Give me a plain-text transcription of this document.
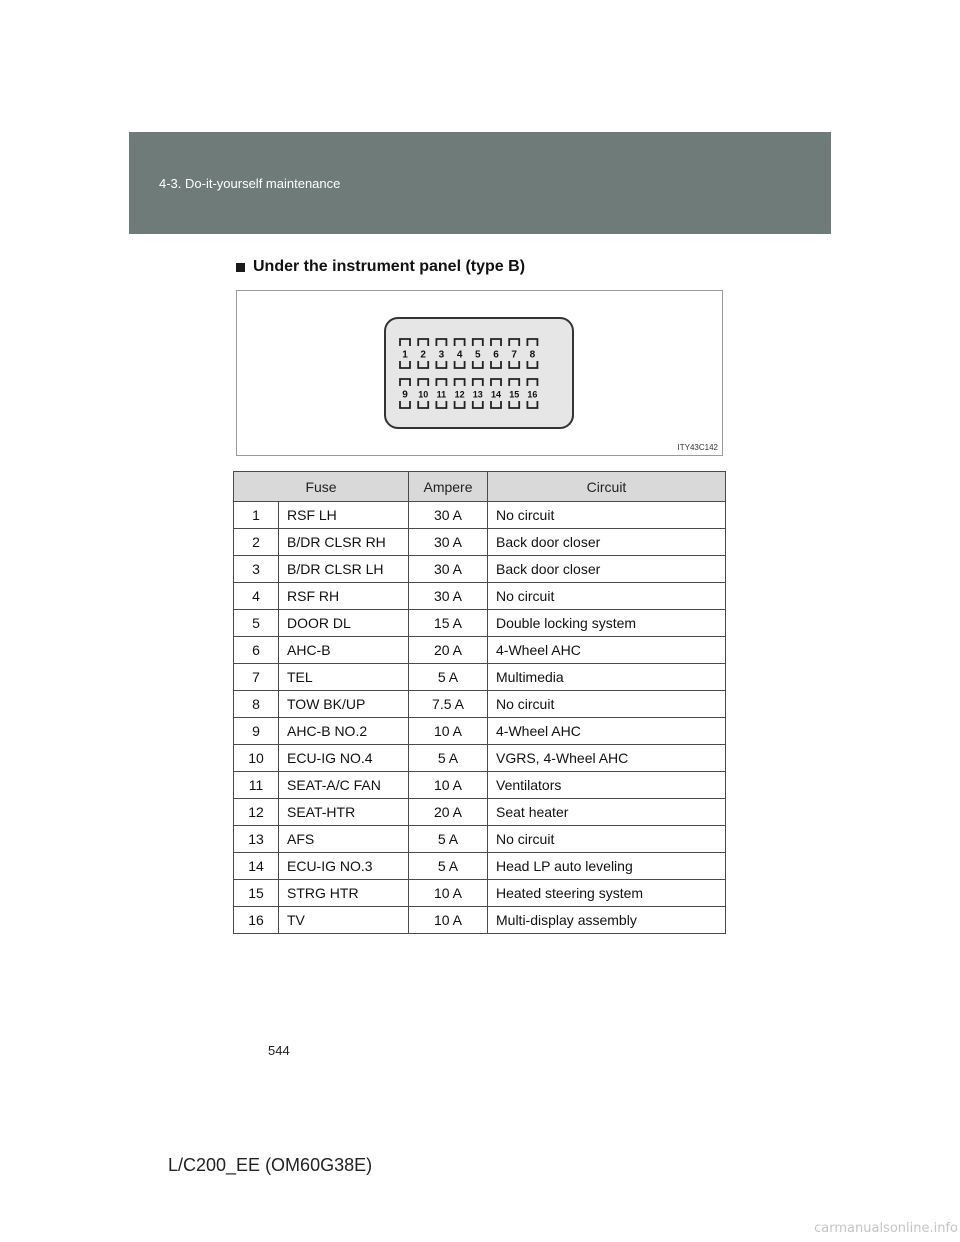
4-3. Do-it-yourself maintenance
Under the instrument panel (type B)
1 2 3 4 5 6 7 8
9 10 11 12 13 14 15 16
ITY43C142
Fuse		Ampere	Circuit
1	RSF LH	30 A	No circuit
2	B/DR CLSR RH	30 A	Back door closer
3	B/DR CLSR LH	30 A	Back door closer
4	RSF RH	30 A	No circuit
5	DOOR DL	15 A	Double locking system
6	AHC-B	20 A	4-Wheel AHC
7	TEL	5 A	Multimedia
8	TOW BK/UP	7.5 A	No circuit
9	AHC-B NO.2	10 A	4-Wheel AHC
10	ECU-IG NO.4	5 A	VGRS, 4-Wheel AHC
11	SEAT-A/C FAN	10 A	Ventilators
12	SEAT-HTR	20 A	Seat heater
13	AFS	5 A	No circuit
14	ECU-IG NO.3	5 A	Head LP auto leveling
15	STRG HTR	10 A	Heated steering system
16	TV	10 A	Multi-display assembly
544
L/C200_EE (OM60G38E)
carmanualsonline.info
